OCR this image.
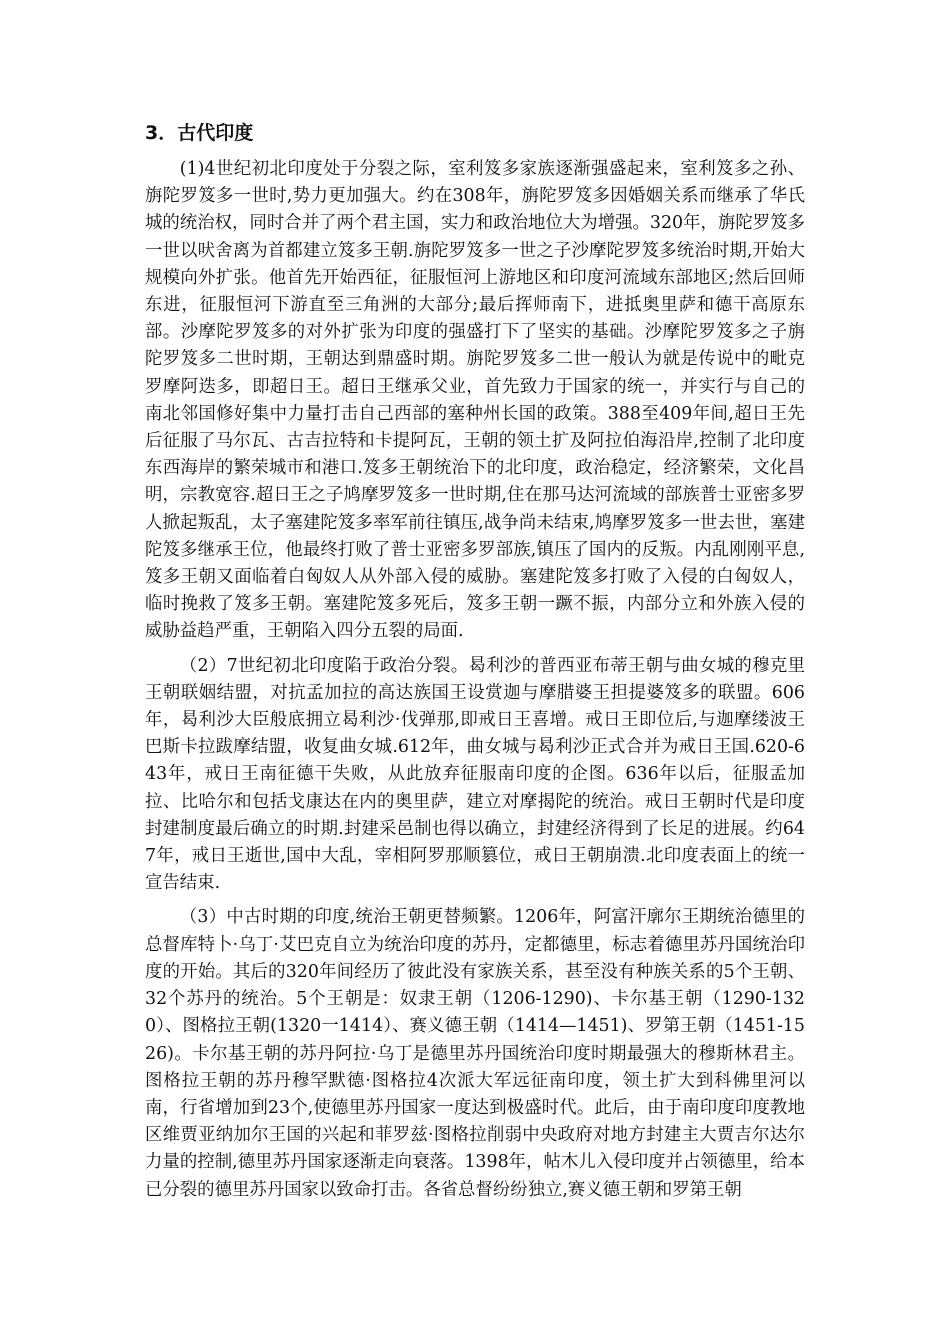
3．古代印度

(1)4世纪初北印度处于分裂之际，室利笈多家族逐渐强盛起来，室利笈多之孙、旃陀罗笈多一世时,势力更加强大。约在308年，旃陀罗笈多因婚姻关系而继承了华氏城的统治权，同时合并了两个君主国，实力和政治地位大为增强。320年，旃陀罗笈多一世以吠舍离为首都建立笈多王朝.旃陀罗笈多一世之子沙摩陀罗笈多统治时期,开始大规模向外扩张。他首先开始西征，征服恒河上游地区和印度河流域东部地区;然后回师东进，征服恒河下游直至三角洲的大部分;最后挥师南下，进抵奥里萨和德干高原东部。沙摩陀罗笈多的对外扩张为印度的强盛打下了坚实的基础。沙摩陀罗笈多之子旃陀罗笈多二世时期，王朝达到鼎盛时期。旃陀罗笈多二世一般认为就是传说中的毗克罗摩阿迭多，即超日王。超日王继承父业，首先致力于国家的统一，并实行与自己的南北邻国修好集中力量打击自己西部的塞种州长国的政策。388至409年间,超日王先后征服了马尔瓦、古吉拉特和卡提阿瓦，王朝的领土扩及阿拉伯海沿岸,控制了北印度东西海岸的繁荣城市和港口.笈多王朝统治下的北印度，政治稳定，经济繁荣，文化昌明，宗教宽容.超日王之子鸠摩罗笈多一世时期,住在那马达河流域的部族普士亚密多罗人掀起叛乱，太子塞建陀笈多率军前往镇压,战争尚未结束,鸠摩罗笈多一世去世，塞建陀笈多继承王位，他最终打败了普士亚密多罗部族,镇压了国内的反叛。内乱刚刚平息,笈多王朝又面临着白匈奴人从外部入侵的威胁。塞建陀笈多打败了入侵的白匈奴人，临时挽救了笈多王朝。塞建陀笈多死后，笈多王朝一蹶不振，内部分立和外族入侵的威胁益趋严重，王朝陷入四分五裂的局面.

（2）7世纪初北印度陷于政治分裂。曷利沙的普西亚布蒂王朝与曲女城的穆克里王朝联姻结盟，对抗孟加拉的高达族国王设赏迦与摩腊婆王担提婆笈多的联盟。606年，曷利沙大臣般底拥立曷利沙·伐弹那,即戒日王喜增。戒日王即位后,与迦摩缕波王巴斯卡拉跋摩结盟，收复曲女城.612年，曲女城与曷利沙正式合并为戒日王国.620-643年，戒日王南征德干失败，从此放弃征服南印度的企图。636年以后，征服孟加拉、比哈尔和包括戈康达在内的奥里萨，建立对摩揭陀的统治。戒日王朝时代是印度封建制度最后确立的时期.封建采邑制也得以确立，封建经济得到了长足的进展。约647年，戒日王逝世,国中大乱，宰相阿罗那顺篡位，戒日王朝崩溃.北印度表面上的统一宣告结束.

（3）中古时期的印度,统治王朝更替频繁。1206年，阿富汗廓尔王期统治德里的总督库特卜·乌丁·艾巴克自立为统治印度的苏丹，定都德里，标志着德里苏丹国统治印度的开始。其后的320年间经历了彼此没有家族关系，甚至没有种族关系的5个王朝、32个苏丹的统治。5个王朝是：奴隶王朝（1206-1290)、卡尔基王朝（1290-1320）、图格拉王朝(1320一1414）、赛义德王朝（1414—1451)、罗第王朝（1451-1526)。卡尔基王朝的苏丹阿拉·乌丁是德里苏丹国统治印度时期最强大的穆斯林君主。图格拉王朝的苏丹穆罕默德·图格拉4次派大军远征南印度，领土扩大到科佛里河以南，行省增加到23个,使德里苏丹国家一度达到极盛时代。此后，由于南印度印度教地区维贾亚纳加尔王国的兴起和菲罗兹·图格拉削弱中央政府对地方封建主大贾吉尔达尔力量的控制,德里苏丹国家逐渐走向衰落。1398年，帖木儿入侵印度并占领德里，给本已分裂的德里苏丹国家以致命打击。各省总督纷纷独立,赛义德王朝和罗第王朝
